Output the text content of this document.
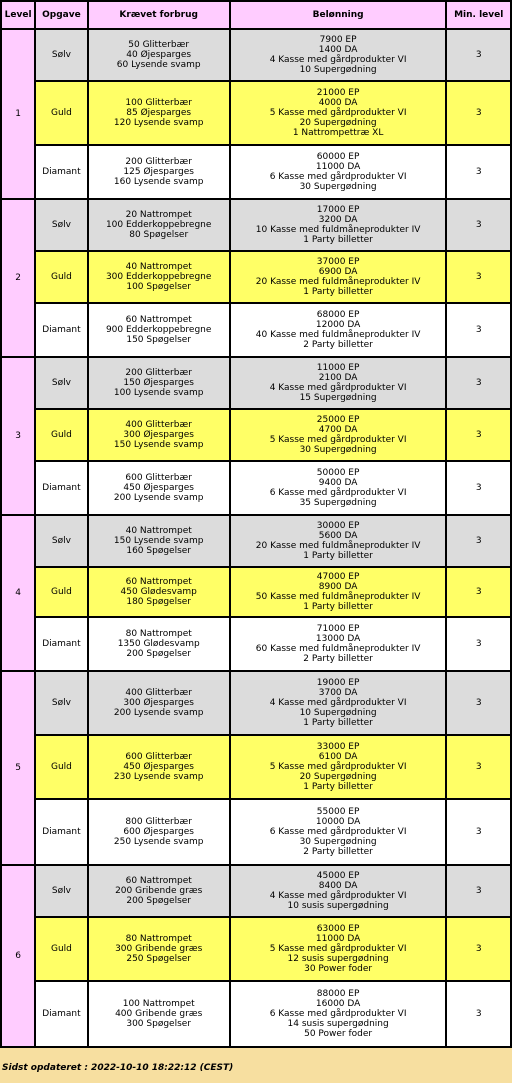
Level	Opgave	Krævet forbrug	Belønning	Min. level
1	Sølv	50 Glitterbær
40 Øjesparges
60 Lysende svamp	7900 EP
1400 DA
4 Kasse med gårdprodukter VI
10 Supergødning	3
	Guld	100 Glitterbær
85 Øjesparges
120 Lysende svamp	21000 EP
4000 DA
5 Kasse med gårdprodukter VI
20 Supergødning
1 Nattrompettræ XL	3
	Diamant	200 Glitterbær
125 Øjesparges
160 Lysende svamp	60000 EP
11000 DA
6 Kasse med gårdprodukter VI
30 Supergødning	3
2	Sølv	20 Nattrompet
100 Edderkoppebregne
80 Spøgelser	17000 EP
3200 DA
10 Kasse med fuldmåneprodukter IV
1 Party billetter	3
	Guld	40 Nattrompet
300 Edderkoppebregne
100 Spøgelser	37000 EP
6900 DA
20 Kasse med fuldmåneprodukter IV
1 Party billetter	3
	Diamant	60 Nattrompet
900 Edderkoppebregne
150 Spøgelser	68000 EP
12000 DA
40 Kasse med fuldmåneprodukter IV
2 Party billetter	3
3	Sølv	200 Glitterbær
150 Øjesparges
100 Lysende svamp	11000 EP
2100 DA
4 Kasse med gårdprodukter VI
15 Supergødning	3
	Guld	400 Glitterbær
300 Øjesparges
150 Lysende svamp	25000 EP
4700 DA
5 Kasse med gårdprodukter VI
30 Supergødning	3
	Diamant	600 Glitterbær
450 Øjesparges
200 Lysende svamp	50000 EP
9400 DA
6 Kasse med gårdprodukter VI
35 Supergødning	3
4	Sølv	40 Nattrompet
150 Lysende svamp
160 Spøgelser	30000 EP
5600 DA
20 Kasse med fuldmåneprodukter IV
1 Party billetter	3
	Guld	60 Nattrompet
450 Glødesvamp
180 Spøgelser	47000 EP
8900 DA
50 Kasse med fuldmåneprodukter IV
1 Party billetter	3
	Diamant	80 Nattrompet
1350 Glødesvamp
200 Spøgelser	71000 EP
13000 DA
60 Kasse med fuldmåneprodukter IV
2 Party billetter	3
5	Sølv	400 Glitterbær
300 Øjesparges
200 Lysende svamp	19000 EP
3700 DA
4 Kasse med gårdprodukter VI
10 Supergødning
1 Party billetter	3
	Guld	600 Glitterbær
450 Øjesparges
230 Lysende svamp	33000 EP
6100 DA
5 Kasse med gårdprodukter VI
20 Supergødning
1 Party billetter	3
	Diamant	800 Glitterbær
600 Øjesparges
250 Lysende svamp	55000 EP
10000 DA
6 Kasse med gårdprodukter VI
30 Supergødning
2 Party billetter	3
6	Sølv	60 Nattrompet
200 Gribende græs
200 Spøgelser	45000 EP
8400 DA
4 Kasse med gårdprodukter VI
10 susis supergødning	3
	Guld	80 Nattrompet
300 Gribende græs
250 Spøgelser	63000 EP
11000 DA
5 Kasse med gårdprodukter VI
12 susis supergødning
30 Power foder	3
	Diamant	100 Nattrompet
400 Gribende græs
300 Spøgelser	88000 EP
16000 DA
6 Kasse med gårdprodukter VI
14 susis supergødning
50 Power foder	3
Sidst opdateret : 2022-10-10 18:22:12 (CEST)
